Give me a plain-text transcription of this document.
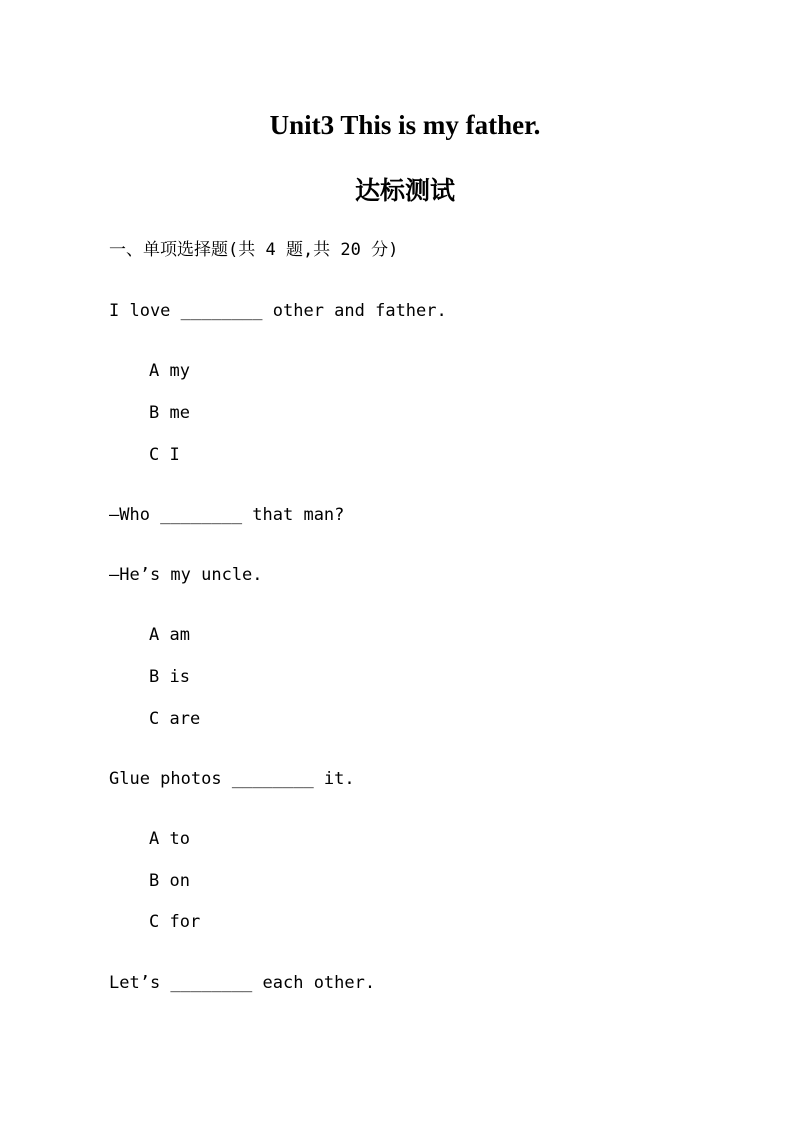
Unit3 This is my father.
达标测试

一、单项选择题(共 4 题,共 20 分)

I love ________ other and father.

A my

B me

C I

—Who ________ that man?

—He’s my uncle.

A am

B is

C are

Glue photos ________ it.

A to

B on

C for

Let’s ________ each other.
